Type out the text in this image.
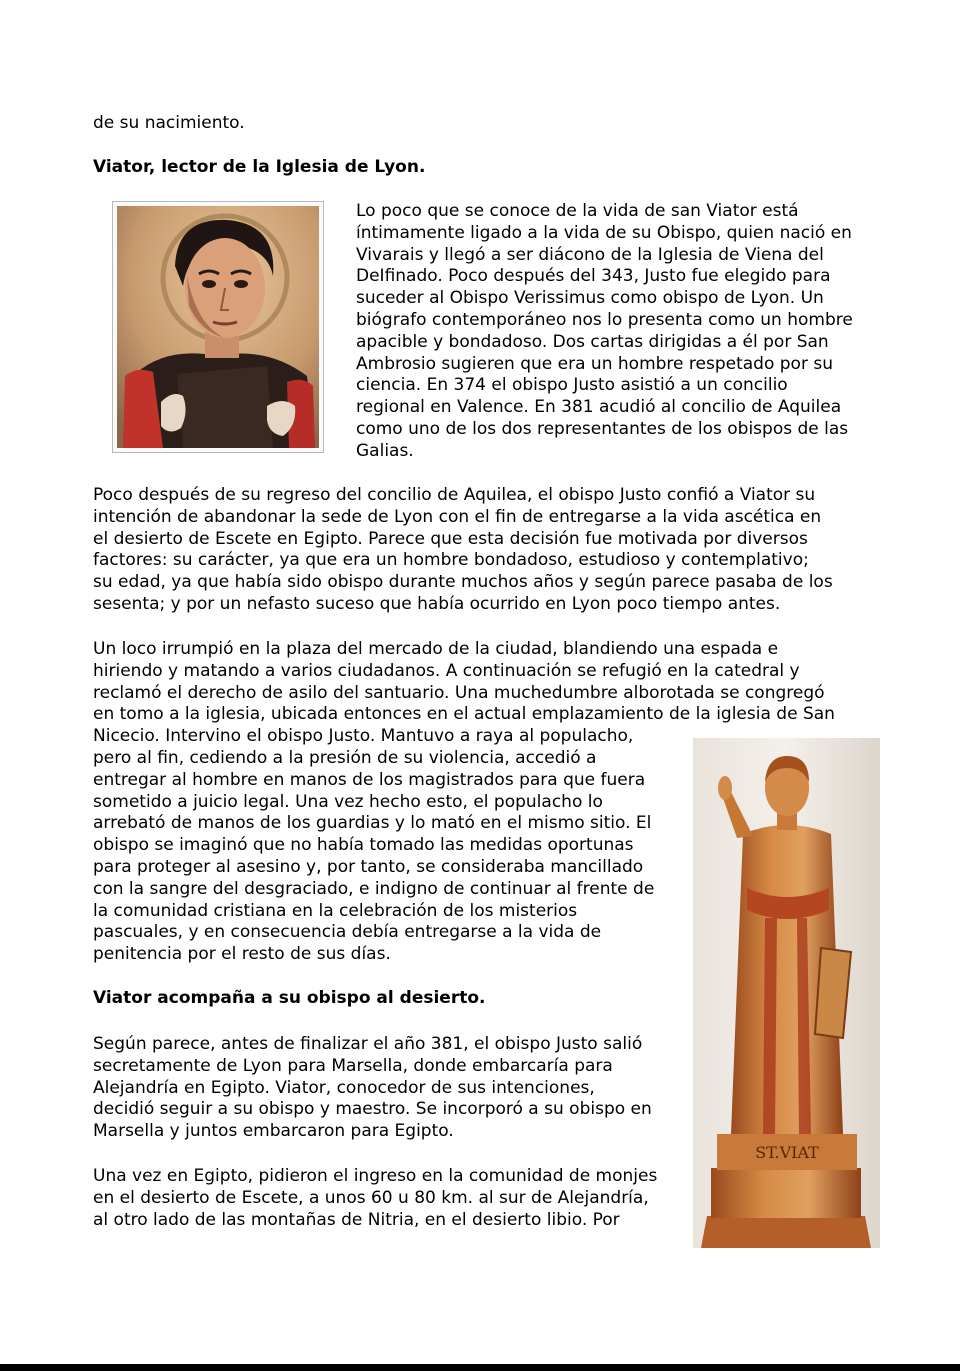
de su nacimiento.
Viator, lector de la Iglesia de Lyon.
Lo poco que se conoce de la vida de san Viator está
íntimamente ligado a la vida de su Obispo, quien nació en
Vivarais y llegó a ser diácono de la Iglesia de Viena del
DeIfinado. Poco después del 343, Justo fue elegido para
suceder al Obispo Verissimus como obispo de Lyon. Un
biógrafo contemporáneo nos lo presenta como un hombre
apacible y bondadoso. Dos cartas dirigidas a él por San
Ambrosio sugieren que era un hombre respetado por su
ciencia. En 374 el obispo Justo asistió a un concilio
regional en Valence. En 381 acudió al concilio de Aquilea
como uno de los dos representantes de los obispos de las
Galias.
Poco después de su regreso del concilio de Aquilea, el obispo Justo confió a Viator su
intención de abandonar la sede de Lyon con el fin de entregarse a la vida ascética en
el desierto de Escete en Egipto. Parece que esta decisión fue motivada por diversos
factores: su carácter, ya que era un hombre bondadoso, estudioso y contemplativo;
su edad, ya que había sido obispo durante muchos años y según parece pasaba de los
sesenta; y por un nefasto suceso que había ocurrido en Lyon poco tiempo antes.
Un loco irrumpió en la plaza del mercado de la ciudad, blandiendo una espada e
hiriendo y matando a varios ciudadanos. A continuación se refugió en la catedral y
reclamó el derecho de asilo del santuario. Una muchedumbre alborotada se congregó
en tomo a la iglesia, ubicada entonces en el actual emplazamiento de la iglesia de San
Nicecio. Intervino el obispo Justo. Mantuvo a raya al populacho,
pero al fin, cediendo a la presión de su violencia, accedió a
entregar al hombre en manos de los magistrados para que fuera
sometido a juicio legal. Una vez hecho esto, el populacho lo
arrebató de manos de los guardias y lo mató en el mismo sitio. El
obispo se imaginó que no había tomado las medidas oportunas
para proteger al asesino y, por tanto, se consideraba mancillado
con la sangre del desgraciado, e indigno de continuar al frente de
la comunidad cristiana en la celebración de los misterios
pascuales, y en consecuencia debía entregarse a la vida de
penitencia por el resto de sus días.
Viator acompaña a su obispo al desierto.
Según parece, antes de finalizar el año 381, el obispo Justo salió
secretamente de Lyon para Marsella, donde embarcaría para
Alejandría en Egipto. Viator, conocedor de sus intenciones,
decidió seguir a su obispo y maestro. Se incorporó a su obispo en
Marsella y juntos embarcaron para Egipto.
Una vez en Egipto, pidieron el ingreso en la comunidad de monjes
en el desierto de Escete, a unos 60 u 80 km. al sur de Alejandría,
al otro lado de las montañas de Nitria, en el desierto libio. Por
ST.VIAT
